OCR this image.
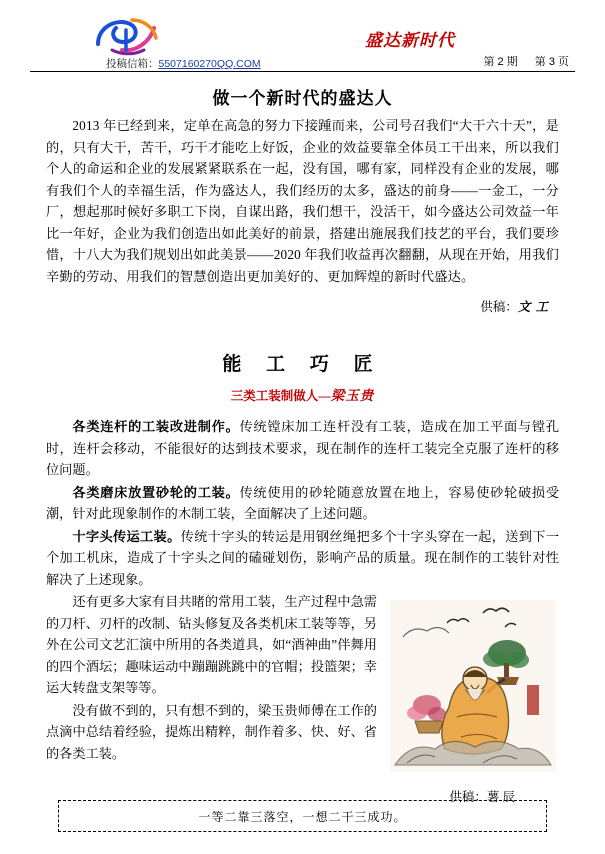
投稿信箱：5507160270QQ.COM
盛达新时代
第 2 期 第 3 页
做一个新时代的盛达人

2013 年已经到来，定单在高急的努力下接踵而来，公司号召我们“大干六十天”，是的，只有大干，苦干，巧干才能吃上好饭，企业的效益要靠全体员工干出来，所以我们个人的命运和企业的发展紧紧联系在一起，没有国，哪有家，同样没有企业的发展，哪有我们个人的幸福生活，作为盛达人，我们经历的太多，盛达的前身——一金工，一分厂，想起那时候好多职工下岗，自谋出路，我们想干，没活干，如今盛达公司效益一年比一年好，企业为我们创造出如此美好的前景，搭建出施展我们技艺的平台，我们要珍惜，十八大为我们规划出如此美景——2020 年我们收益再次翻翻，从现在开始，用我们辛勤的劳动、用我们的智慧创造出更加美好的、更加辉煌的新时代盛达。

供稿：文 工
能 工 巧 匠
三类工装制做人—梁玉贵

各类连杆的工装改进制作。传统镗床加工连杆没有工装，造成在加工平面与镗孔时，连杆会移动，不能很好的达到技术要求，现在制作的连杆工装完全克服了连杆的移位问题。

各类磨床放置砂轮的工装。传统使用的砂轮随意放置在地上，容易使砂轮破损受潮，针对此现象制作的木制工装，全面解决了上述问题。

十字头传运工装。传统十字头的转运是用钢丝绳把多个十字头穿在一起，送到下一个加工机床，造成了十字头之间的磕碰划伤，影响产品的质量。现在制作的工装针对性解决了上述现象。

还有更多大家有目共睹的常用工装，生产过程中急需的刀杆、刃杆的改制、钻头修复及各类机床工装等等，另外在公司文艺汇演中所用的各类道具，如“酒神曲”伴舞用的四个酒坛；趣味运动中蹦蹦跳跳中的官帽；投篮架；幸运大转盘支架等等。

没有做不到的，只有想不到的，梁玉贵师傅在工作的点滴中总结着经验，提炼出精粹，制作着多、快、好、省的各类工装。

供稿：薯 辰
一等二靠三落空，一想二干三成功。
